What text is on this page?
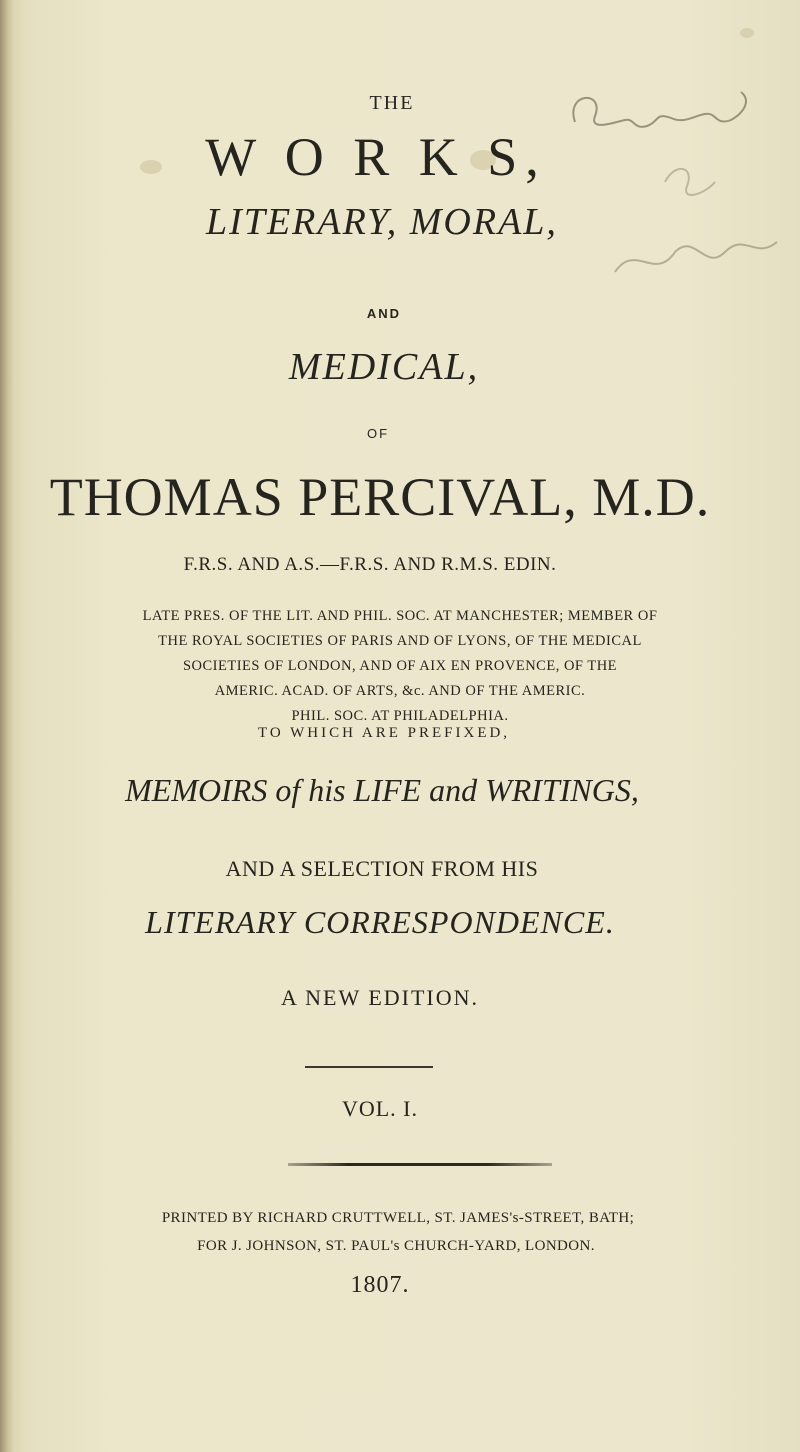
THE
W O R K S,
LITERARY, MORAL,
AND
MEDICAL,
OF
THOMAS PERCIVAL, M.D.
F.R.S. AND A.S.—F.R.S. AND R.M.S. EDIN.
LATE PRES. OF THE LIT. AND PHIL. SOC. AT MANCHESTER; MEMBER OF
THE ROYAL SOCIETIES OF PARIS AND OF LYONS, OF THE MEDICAL
SOCIETIES OF LONDON, AND OF AIX EN PROVENCE, OF THE
AMERIC. ACAD. OF ARTS, &c. AND OF THE AMERIC.
PHIL. SOC. AT PHILADELPHIA.
TO WHICH ARE PREFIXED,
MEMOIRS of his LIFE and WRITINGS,
AND A SELECTION FROM HIS
LITERARY CORRESPONDENCE.
A NEW EDITION.
VOL. I.
PRINTED BY RICHARD CRUTTWELL, ST. JAMES's-STREET, BATH;
FOR J. JOHNSON, ST. PAUL's CHURCH-YARD, LONDON.
1807.
